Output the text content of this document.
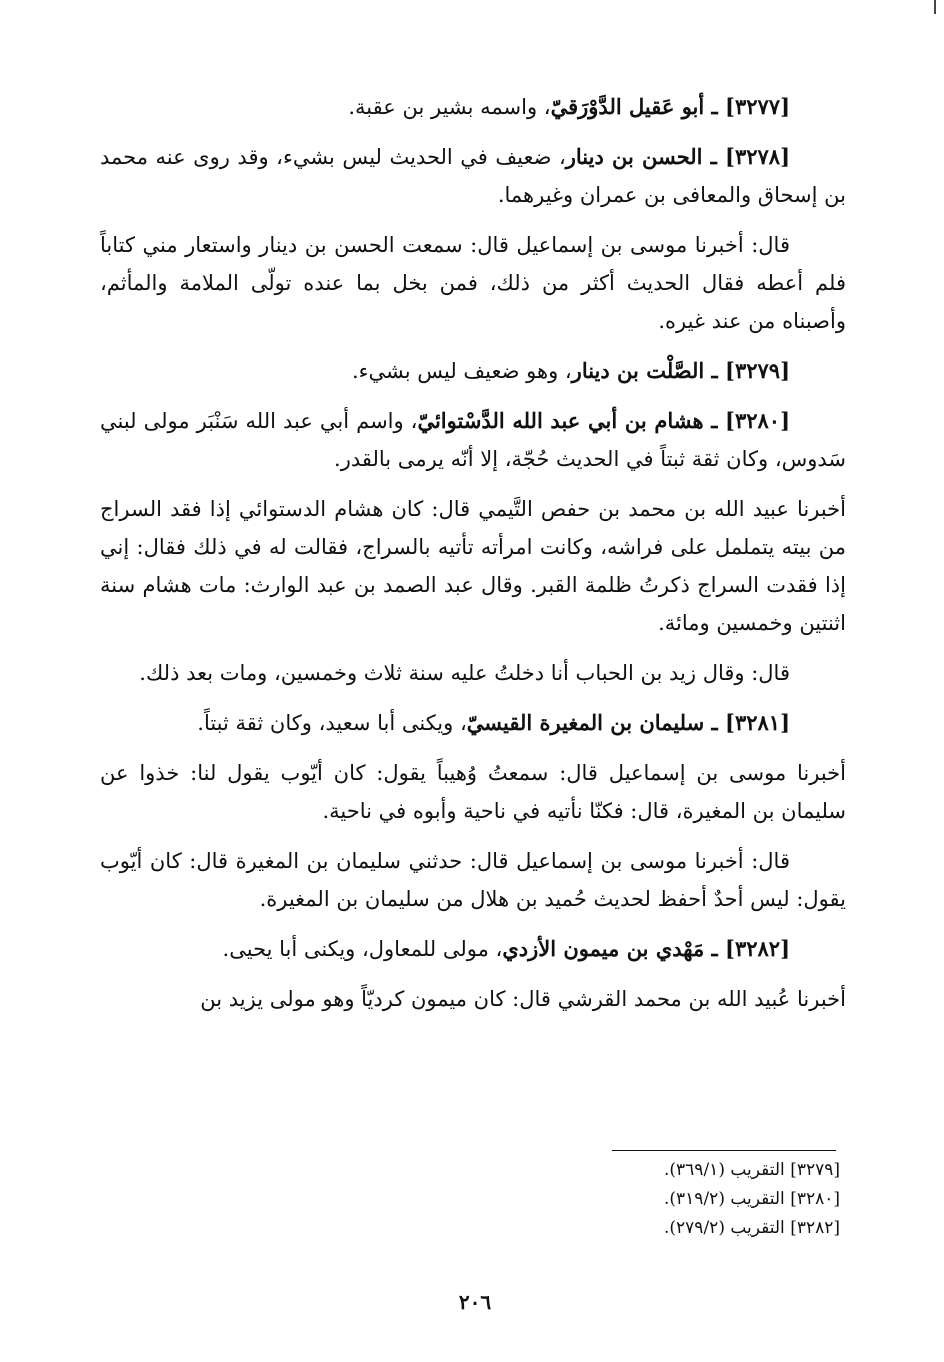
[٣٢٧٧] ـ أبو عَقيل الدَّوْرَقيّ، واسمه بشير بن عقبة.

[٣٢٧٨] ـ الحسن بن دينار، ضعيف في الحديث ليس بشيء، وقد روى عنه محمد بن إسحاق والمعافى بن عمران وغيرهما.

قال: أخبرنا موسى بن إسماعيل قال: سمعت الحسن بن دينار واستعار مني كتاباً فلم أعطه فقال الحديث أكثر من ذلك، فمن بخل بما عنده تولّى الملامة والمأثم، وأصبناه من عند غيره.

[٣٢٧٩] ـ الصَّلْت بن دينار، وهو ضعيف ليس بشيء.

[٣٢٨٠] ـ هشام بن أبي عبد الله الدَّسْتوائيّ، واسم أبي عبد الله سَنْبَر مولى لبني سَدوس، وكان ثقة ثبتاً في الحديث حُجّة، إلا أنّه يرمى بالقدر.

أخبرنا عبيد الله بن محمد بن حفص التَّيمي قال: كان هشام الدستوائي إذا فقد السراج من بيته يتململ على فراشه، وكانت امرأته تأتيه بالسراج، فقالت له في ذلك فقال: إني إذا فقدت السراج ذكرتُ ظلمة القبر. وقال عبد الصمد بن عبد الوارث: مات هشام سنة اثنتين وخمسين ومائة.

قال: وقال زيد بن الحباب أنا دخلتُ عليه سنة ثلاث وخمسين، ومات بعد ذلك.

[٣٢٨١] ـ سليمان بن المغيرة القيسيّ، ويكنى أبا سعيد، وكان ثقة ثبتاً.

أخبرنا موسى بن إسماعيل قال: سمعتُ وُهيباً يقول: كان أيّوب يقول لنا: خذوا عن سليمان بن المغيرة، قال: فكنّا نأتيه في ناحية وأبوه في ناحية.

قال: أخبرنا موسى بن إسماعيل قال: حدثني سليمان بن المغيرة قال: كان أيّوب يقول: ليس أحدٌ أحفظ لحديث حُميد بن هلال من سليمان بن المغيرة.

[٣٢٨٢] ـ مَهْدي بن ميمون الأزدي، مولى للمعاول، ويكنى أبا يحيى.

أخبرنا عُبيد الله بن محمد القرشي قال: كان ميمون كرديّاً وهو مولى يزيد بن

[٣٢٧٩] التقريب (٣٦٩/١).

[٣٢٨٠] التقريب (٣١٩/٢).

[٣٢٨٢] التقريب (٢٧٩/٢).

٢٠٦
